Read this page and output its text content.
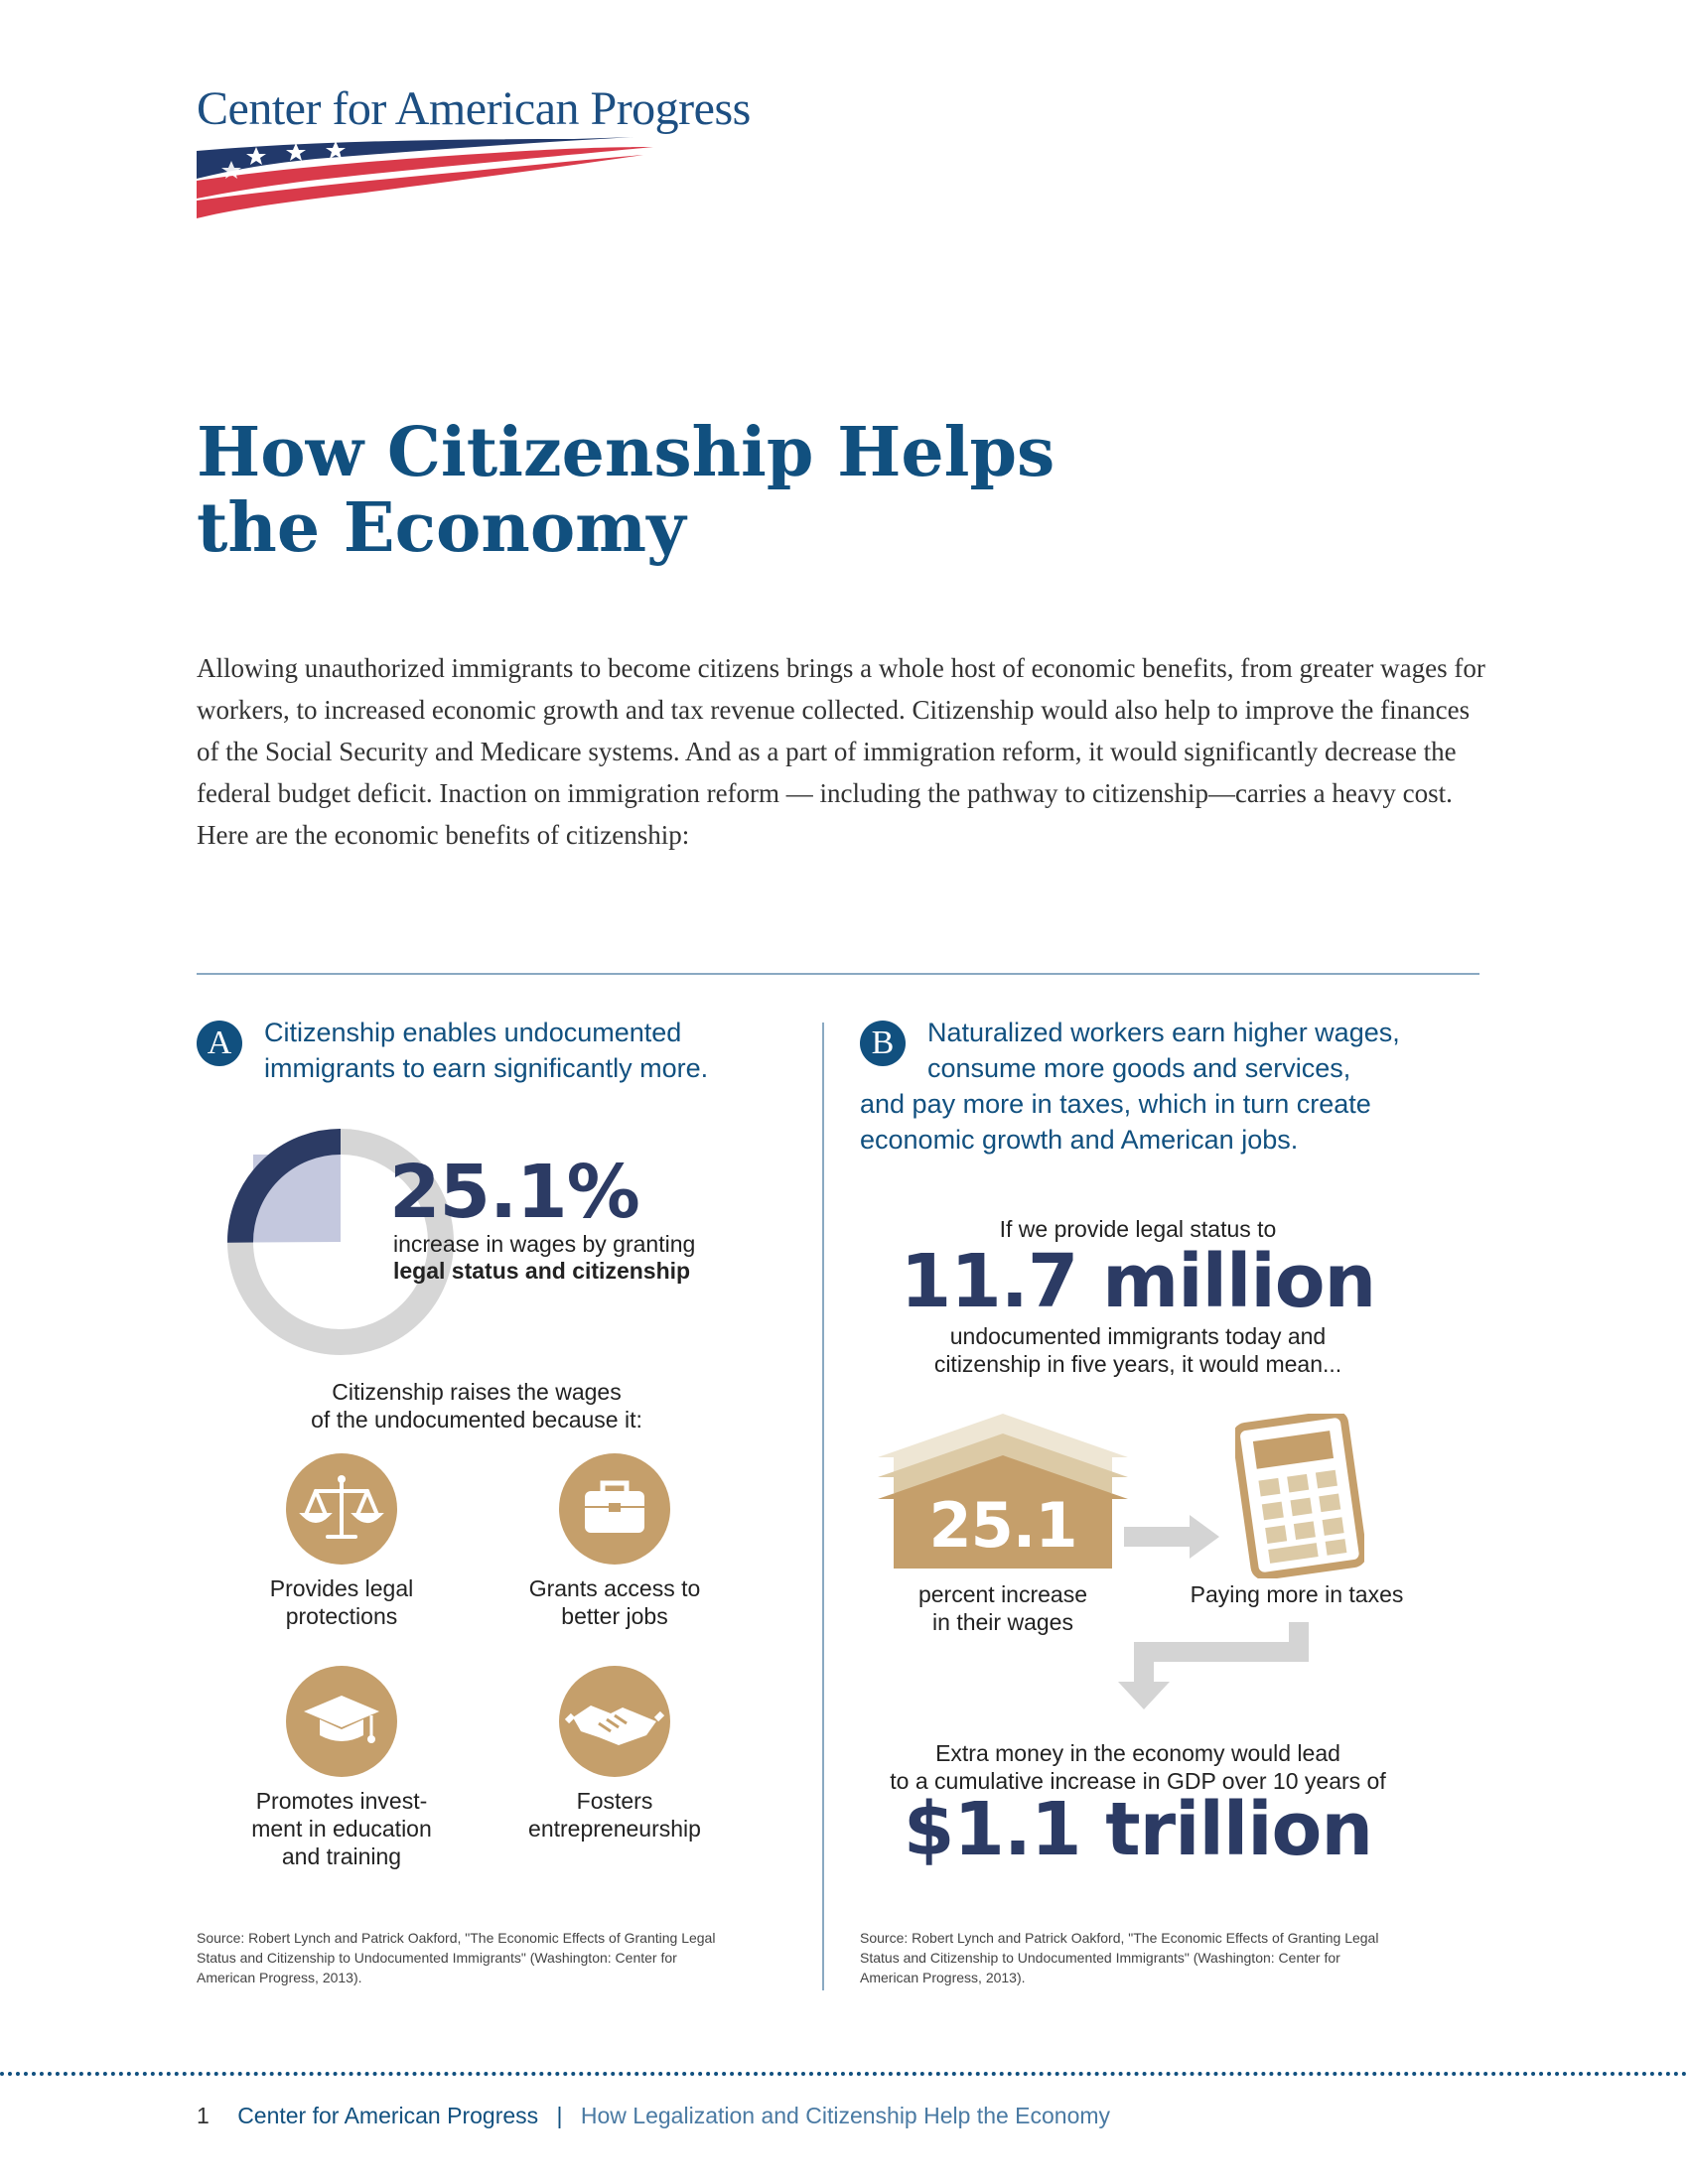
Center for American Progress
How Citizenship Helps
the Economy

Allowing unauthorized immigrants to become citizens brings a whole host of economic benefits, from greater wages for workers, to increased economic growth and tax revenue collected. Citizenship would also help to improve the finances of the Social Security and Medicare systems. And as a part of immigration reform, it would significantly decrease the federal budget deficit. Inaction on immigration reform — including the pathway to citizenship—carries a heavy cost. Here are the economic benefits of citizenship:

A	Citizenship enables undocumented
immigrants to earn significantly more.
25.1%
increase in wages by granting
legal status and citizenship
Citizenship raises the wages
of the undocumented because it:
Provides legal
protections
Grants access to
better jobs
Promotes invest-
ment in education
and training
Fosters
entrepreneurship
Source: Robert Lynch and Patrick Oakford, "The Economic Effects of Granting Legal
Status and Citizenship to Undocumented Immigrants" (Washington: Center for
American Progress, 2013).
B	Naturalized workers earn higher wages,
consume more goods and services,
and pay more in taxes, which in turn create
economic growth and American jobs.
If we provide legal status to
11.7 million
undocumented immigrants today and
citizenship in five years, it would mean...
25.1
percent increase
in their wages
Paying more in taxes
Extra money in the economy would lead
to a cumulative increase in GDP over 10 years of
$1.1 trillion
Source: Robert Lynch and Patrick Oakford, "The Economic Effects of Granting Legal
Status and Citizenship to Undocumented Immigrants" (Washington: Center for
American Progress, 2013).
1 Center for American Progress | How Legalization and Citizenship Help the Economy
